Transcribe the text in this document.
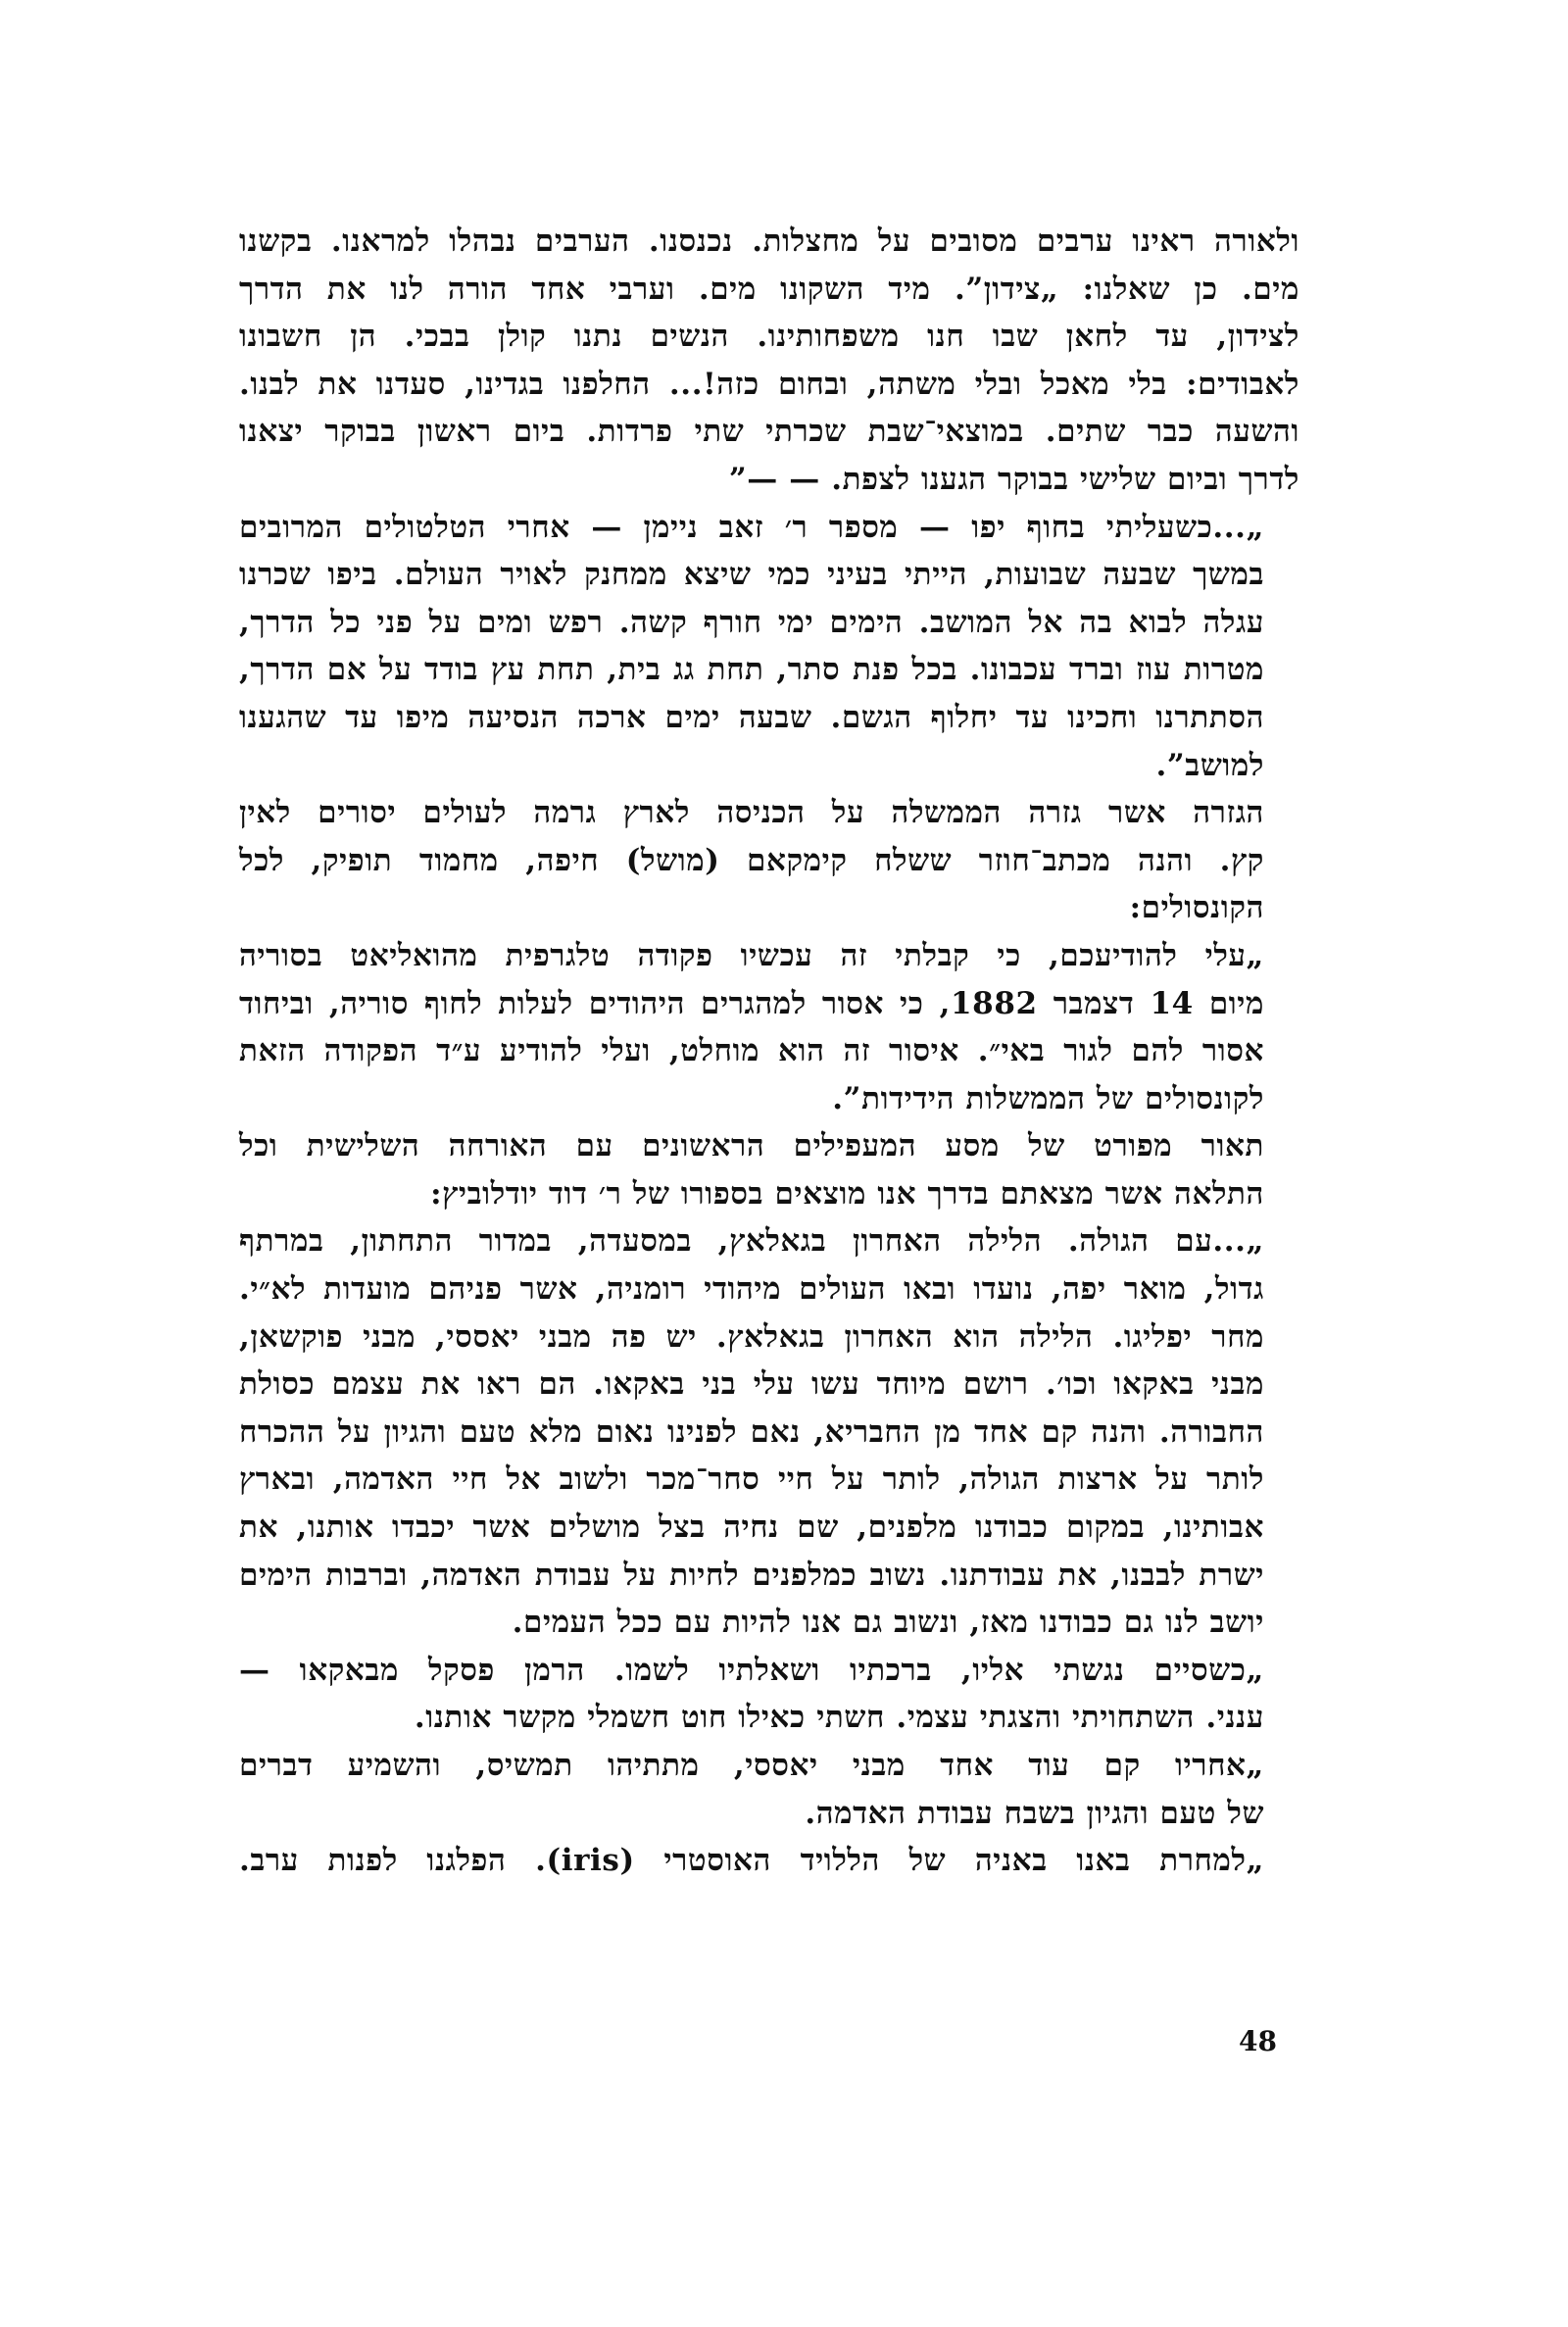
ולאורה ראינו ערבים מסובים על מחצלות. נכנסנו. הערבים נבהלו למראנו. בקשנו
מים. כן שאלנו: „צידון”. מיד השקונו מים. וערבי אחד הורה לנו את הדרך
לצידון, עד לחאן שבו חנו משפחותינו. הנשים נתנו קולן בבכי. הן חשבונו
לאבודים: בלי מאכל ובלי משתה, ובחום כזה!... החלפנו בגדינו, סעדנו את לבנו.
והשעה כבר שתים. במוצאי־שבת שכרתי שתי פרדות. ביום ראשון בבוקר יצאנו
לדרך וביום שלישי בבוקר הגענו לצפת. — —”
„...כשעליתי בחוף יפו — מספר ר׳ זאב ניימן — אחרי הטלטולים המרובים
במשך שבעה שבועות, הייתי בעיני כמי שיצא ממחנק לאויר העולם. ביפו שכרנו
עגלה לבוא בה אל המושב. הימים ימי חורף קשה. רפש ומים על פני כל הדרך,
מטרות עוז וברד עכבונו. בכל פנת סתר, תחת גג בית, תחת עץ בודד על אם הדרך,
הסתתרנו וחכינו עד יחלוף הגשם. שבעה ימים ארכה הנסיעה מיפו עד שהגענו
למושב”.
הגזרה אשר גזרה הממשלה על הכניסה לארץ גרמה לעולים יסורים לאין
קץ. והנה מכתב־חוזר ששלח קימקאם (מושל) חיפה, מחמוד תופיק, לכל
הקונסולים:
„עלי להודיעכם, כי קבלתי זה עכשיו פקודה טלגרפית מהואליאט בסוריה
מיום 14 דצמבר 1882, כי אסור למהגרים היהודים לעלות לחוף סוריה, וביחוד
אסור להם לגור באי״. איסור זה הוא מוחלט, ועלי להודיע ע״ד הפקודה הזאת
לקונסולים של הממשלות הידידות”.
תאור מפורט של מסע המעפילים הראשונים עם האורחה השלישית וכל
התלאה אשר מצאתם בדרך אנו מוצאים בספורו של ר׳ דוד יודלוביץ:
„...עם הגולה. הלילה האחרון בגאלאץ, במסעדה, במדור התחתון, במרתף
גדול, מואר יפה, נועדו ובאו העולים מיהודי רומניה, אשר פניהם מועדות לא״י.
מחר יפליגו. הלילה הוא האחרון בגאלאץ. יש פה מבני יאססי, מבני פוקשאן,
מבני באקאו וכו׳. רושם מיוחד עשו עלי בני באקאו. הם ראו את עצמם כסולת
החבורה. והנה קם אחד מן החבריא, נאם לפנינו נאום מלא טעם והגיון על ההכרח
לותר על ארצות הגולה, לותר על חיי סחר־מכר ולשוב אל חיי האדמה, ובארץ
אבותינו, במקום כבודנו מלפנים, שם נחיה בצל מושלים אשר יכבדו אותנו, את
ישרת לבבנו, את עבודתנו. נשוב כמלפנים לחיות על עבודת האדמה, וברבות הימים
יושב לנו גם כבודנו מאז, ונשוב גם אנו להיות עם ככל העמים.
„כשסיים נגשתי אליו, ברכתיו ושאלתיו לשמו. הרמן פסקל מבאקאו —
ענני. השתחויתי והצגתי עצמי. חשתי כאילו חוט חשמלי מקשר אותנו.
„אחריו קם עוד אחד מבני יאססי, מתתיהו תמשיס, והשמיע דברים
של טעם והגיון בשבח עבודת האדמה.
„למחרת באנו באניה של הללויד האוסטרי (iris). הפלגנו לפנות ערב.
48
